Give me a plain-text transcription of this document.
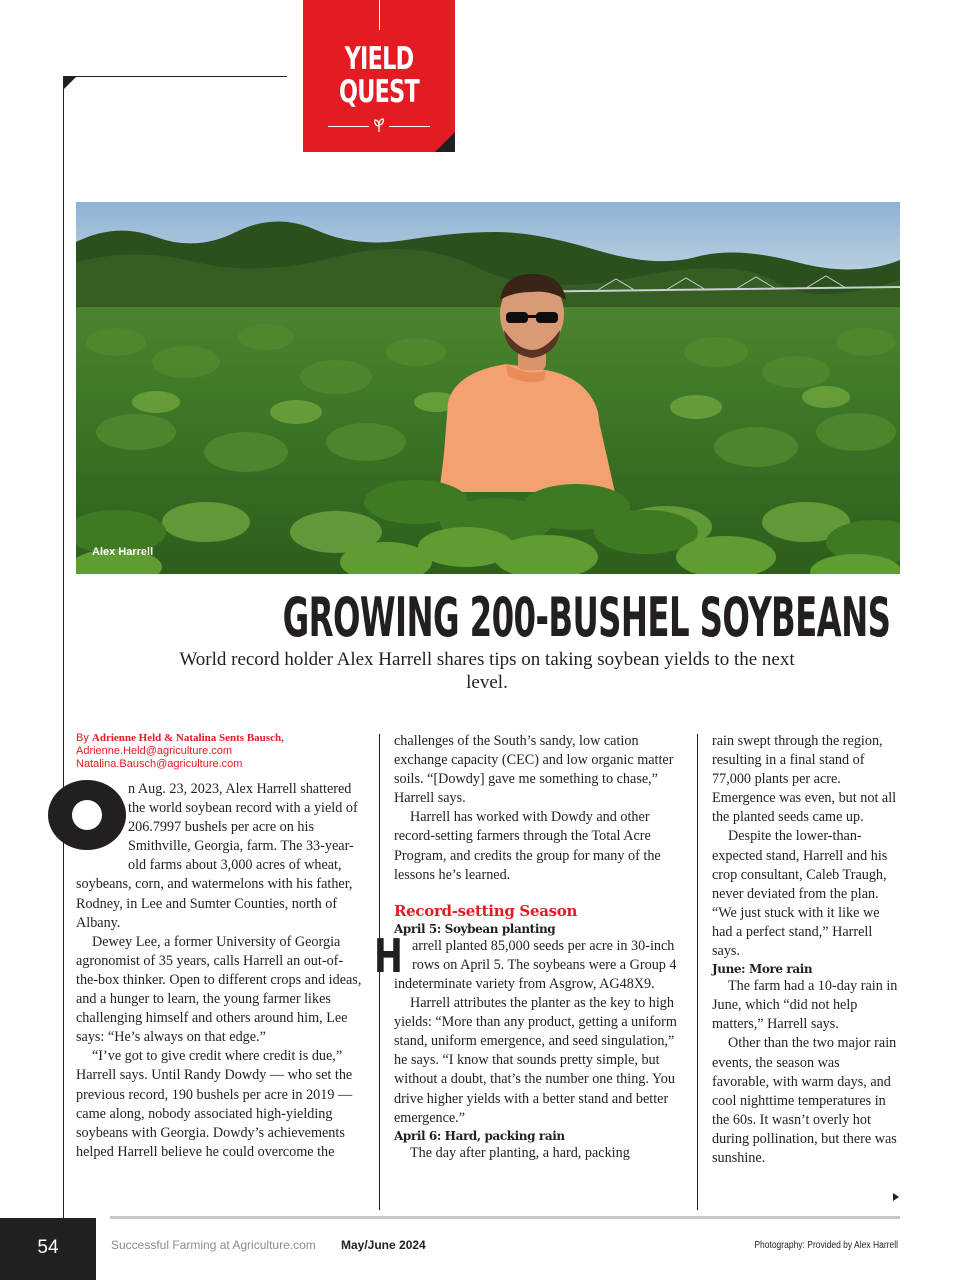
YIELD
QUEST
Alex Harrell
GROWING 200-BUSHEL SOYBEANS
World record holder Alex Harrell shares tips on taking soybean yields to the next level.
By Adrienne Held & Natalina Sents Bausch,
Adrienne.Held@agriculture.com
Natalina.Bausch@agriculture.com

n Aug. 23, 2023, Alex Harrell shattered the world soybean record with a yield of 206.7997 bushels per acre on his Smithville, Georgia, farm. The 33-year-old farms about 3,000 acres of wheat, soybeans, corn, and watermelons with his father, Rodney, in Lee and Sumter Counties, north of Albany.

Dewey Lee, a former University of Georgia agronomist of 35 years, calls Harrell an out-of-the-box thinker. Open to different crops and ideas, and a hunger to learn, the young farmer likes challenging himself and others around him, Lee says: “He’s always on that edge.”

“I’ve got to give credit where credit is due,” Harrell says. Until Randy Dowdy — who set the previous record, 190 bushels per acre in 2019 — came along, nobody associated high-yielding soybeans with Georgia. Dowdy’s achievements helped Harrell believe he could overcome the

challenges of the South’s sandy, low cation exchange capacity (CEC) and low organic matter soils. “[Dowdy] gave me something to chase,” Harrell says.

Harrell has worked with Dowdy and other record-setting farmers through the Total Acre Program, and credits the group for many of the lessons he’s learned.

Record-setting Season
April 5: Soybean planting
H arrell planted 85,000 seeds per acre in 30-inch rows on April 5. The soybeans were a Group 4 indeterminate variety from Asgrow, AG48X9.

Harrell attributes the planter as the key to high yields: “More than any product, getting a uniform stand, uniform emergence, and seed singulation,” he says. “I know that sounds pretty simple, but without a doubt, that’s the number one thing. You drive higher yields with a better stand and better emergence.”

April 6: Hard, packing rain

The day after planting, a hard, packing

rain swept through the region, resulting in a final stand of 77,000 plants per acre. Emergence was even, but not all the planted seeds came up.

Despite the lower-than-expected stand, Harrell and his crop consultant, Caleb Traugh, never deviated from the plan. “We just stuck with it like we had a perfect stand,” Harrell says.

June: More rain

The farm had a 10-day rain in June, which “did not help matters,” Harrell says.

Other than the two major rain events, the season was favorable, with warm days, and cool nighttime temperatures in the 60s. It wasn’t overly hot during pollination, but there was sunshine.

54	Successful Farming at Agriculture.com May/June 2024	Photography: Provided by Alex Harrell
